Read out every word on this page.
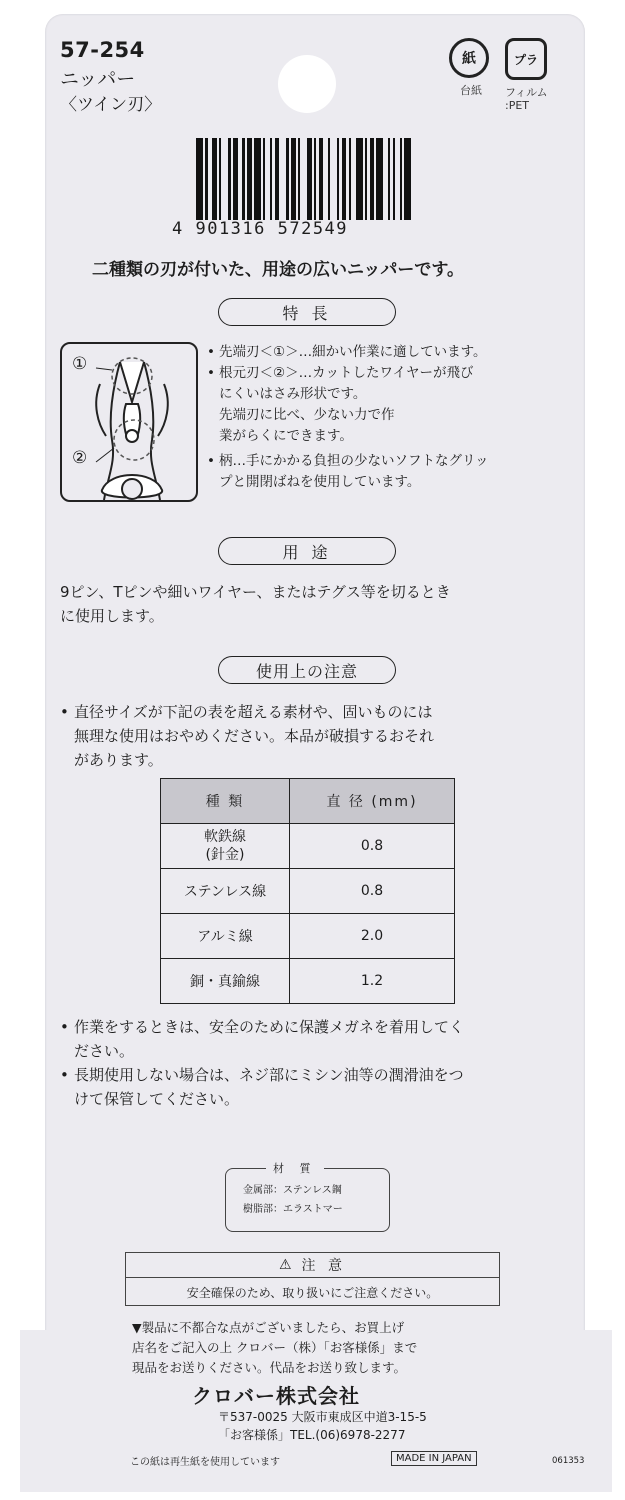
57-254
ニッパー
〈ツイン刃〉
紙
台紙
プラ
フィルム
:PET
4 901316 572549
二種類の刃が付いた、用途の広いニッパーです。
特 長
①
②
• 先端刃＜①＞…細かい作業に適しています。
• 根元刃＜②＞…カットしたワイヤーが飛び
にくいはさみ形状です。
先端刃に比べ、少ない力で作
業がらくにできます。
• 柄…手にかかる負担の少ないソフトなグリッ
プと開閉ばねを使用しています。
用 途
9ピン、Tピンや細いワイヤー、またはテグス等を切るとき
に使用します。
使用上の注意
• 直径サイズが下記の表を超える素材や、固いものには
無理な使用はおやめください。本品が破損するおそれ
があります。
種 類	直 径 (mm)
軟鉄線
(針金)	0.8
ステンレス線	0.8
アルミ線	2.0
銅・真鍮線	1.2
• 作業をするときは、安全のために保護メガネを着用してく
ださい。
• 長期使用しない場合は、ネジ部にミシン油等の潤滑油をつ
けて保管してください。
金属部：ステンレス鋼
樹脂部：エラストマー
材 質
⚠ 注 意
安全確保のため、取り扱いにご注意ください。
▼製品に不都合な点がございましたら、お買上げ
店名をご記入の上 クロバー（株）「お客様係」まで
現品をお送りください。代品をお送り致します。
クロバー株式会社
〒537-0025 大阪市東成区中道3-15-5
「お客様係」TEL.(06)6978-2277
この紙は再生紙を使用しています	MADE IN JAPAN	061353
